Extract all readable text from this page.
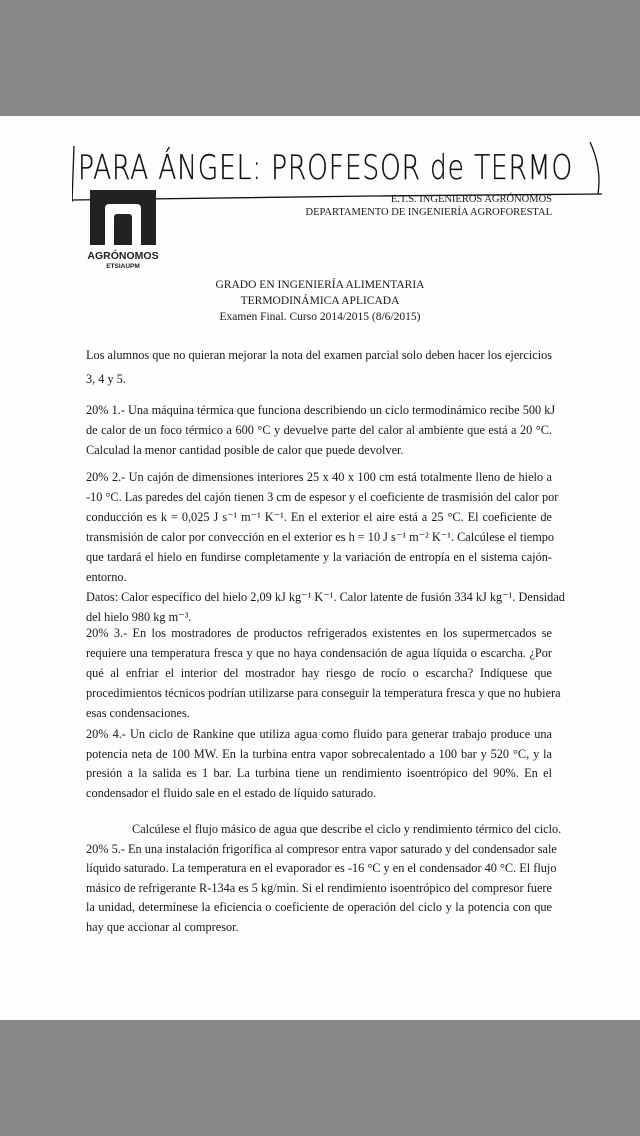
PARA ÁNGEL: PROFESOR de TERMO
AGRÓNOMOS
ETSIAUPM
E.T.S. INGENIEROS AGRÓNOMOS
DEPARTAMENTO DE INGENIERÍA AGROFORESTAL
GRADO EN INGENIERÍA ALIMENTARIA
TERMODINÁMICA APLICADA
Examen Final. Curso 2014/2015 (8/6/2015)
Los alumnos que no quieran mejorar la nota del examen parcial solo deben hacer los ejercicios
3, 4 y 5.
20% 1.- Una máquina térmica que funciona describiendo un ciclo termodinámico recibe 500 kJ
de calor de un foco térmico a 600 °C y devuelve parte del calor al ambiente que está a 20 °C.
Calculad la menor cantidad posible de calor que puede devolver.
20% 2.- Un cajón de dimensiones interiores 25 x 40 x 100 cm está totalmente lleno de hielo a
-10 °C. Las paredes del cajón tienen 3 cm de espesor y el coeficiente de trasmisión del calor por
conducción es k = 0,025 J s⁻¹ m⁻¹ K⁻¹. En el exterior el aire está a 25 °C. El coeficiente de
transmisión de calor por convección en el exterior es h = 10 J s⁻¹ m⁻² K⁻¹. Calcúlese el tiempo
que tardará el hielo en fundirse completamente y la variación de entropía en el sistema cajón-
entorno.
Datos: Calor específico del hielo 2,09 kJ kg⁻¹ K⁻¹. Calor latente de fusión 334 kJ kg⁻¹. Densidad
del hielo 980 kg m⁻³.
20% 3.- En los mostradores de productos refrigerados existentes en los supermercados se
requiere una temperatura fresca y que no haya condensación de agua líquida o escarcha. ¿Por
qué al enfriar el interior del mostrador hay riesgo de rocío o escarcha? Indíquese que
procedimientos técnicos podrían utilizarse para conseguir la temperatura fresca y que no hubiera
esas condensaciones.
20% 4.- Un ciclo de Rankine que utiliza agua como fluido para generar trabajo produce una
potencia neta de 100 MW. En la turbina entra vapor sobrecalentado a 100 bar y 520 °C, y la
presión a la salida es 1 bar. La turbina tiene un rendimiento isoentrópico del 90%. En el
condensador el fluido sale en el estado de líquido saturado.
Calcúlese el flujo másico de agua que describe el ciclo y rendimiento térmico del ciclo.
20% 5.- En una instalación frigorífica al compresor entra vapor saturado y del condensador sale
líquido saturado. La temperatura en el evaporador es -16 °C y en el condensador 40 °C. El flujo
másico de refrigerante R-134a es 5 kg/min. Si el rendimiento isoentrópico del compresor fuere
la unidad, determínese la eficiencia o coeficiente de operación del ciclo y la potencia con que
hay que accionar al compresor.
